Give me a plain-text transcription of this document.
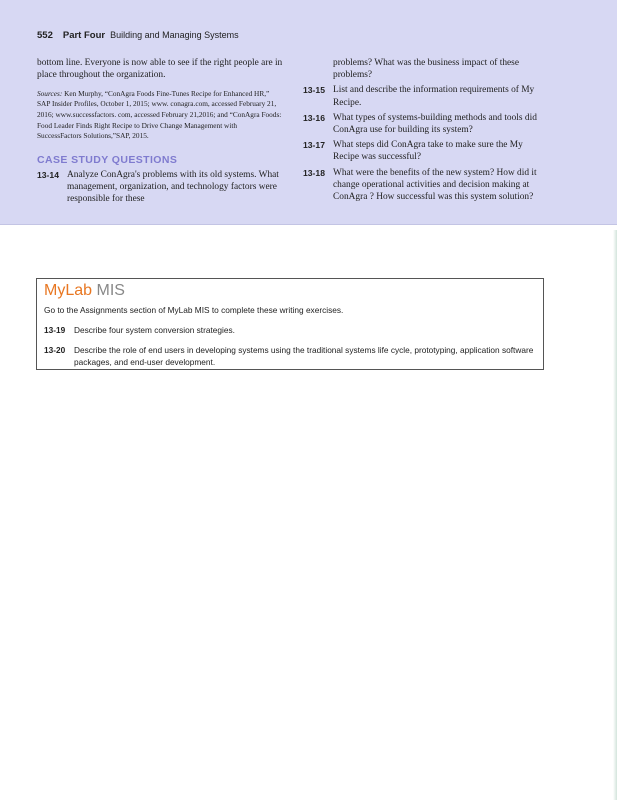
552 Part Four Building and Managing Systems

bottom line. Everyone is now able to see if the right people are in place throughout the organization.

Sources: Ken Murphy, “ConAgra Foods Fine-Tunes Recipe for Enhanced HR,” SAP Insider Profiles, October 1, 2015; www. conagra.com, accessed February 21, 2016; www.successfactors. com, accessed February 21,2016; and “ConAgra Foods: Food Leader Finds Right Recipe to Drive Change Management with SuccessFactors Solutions,”SAP, 2015.

CASE STUDY QUESTIONS
13-14 Analyze ConAgra's problems with its old systems. What management, organization, and technology factors were responsible for these

problems? What was the business impact of these problems?

13-15 List and describe the information requirements of My Recipe.
13-16 What types of systems-building methods and tools did ConAgra use for building its system?
13-17 What steps did ConAgra take to make sure the My Recipe was successful?
13-18 What were the benefits of the new system? How did it change operational activities and decision making at ConAgra ? How successful was this system solution?
MyLab MIS
Go to the Assignments section of MyLab MIS to complete these writing exercises.
13-19	Describe four system conversion strategies.
13-20	Describe the role of end users in developing systems using the traditional systems life cycle, prototyping, application software packages, and end-user development.
